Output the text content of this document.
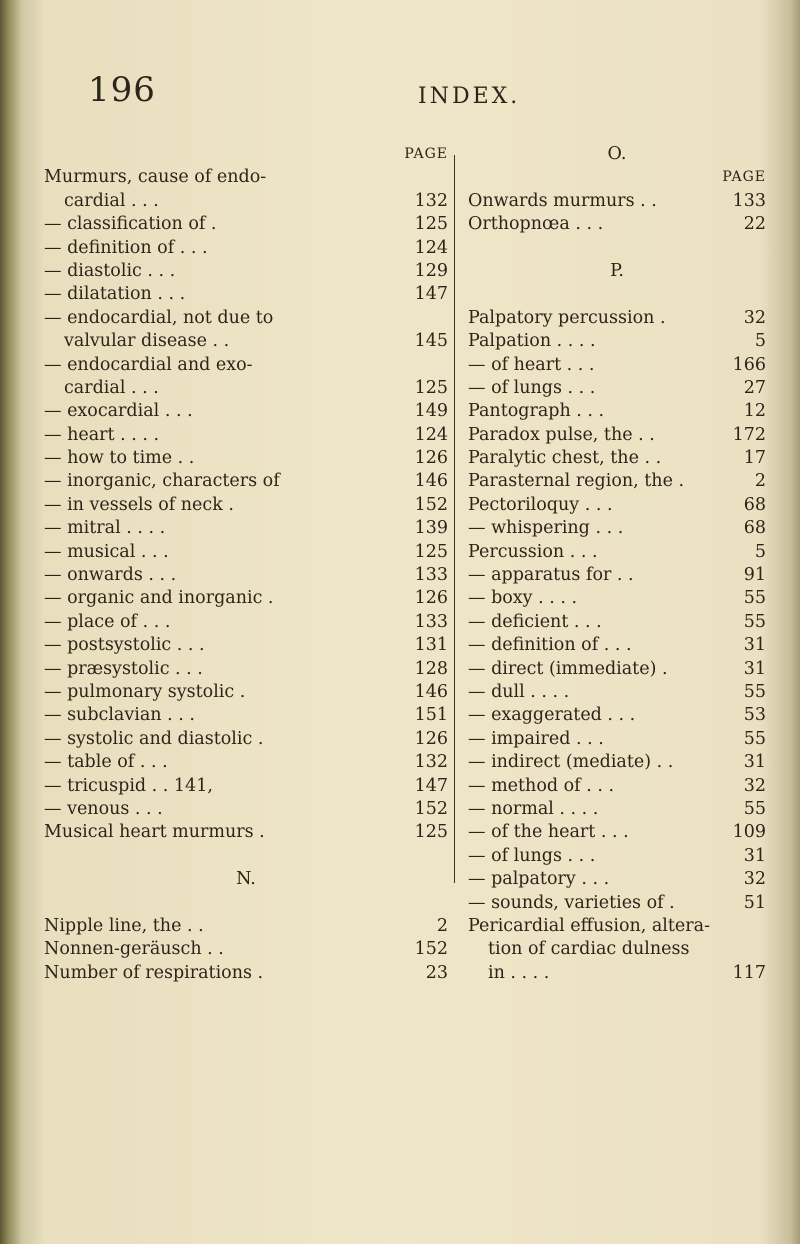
196	INDEX.
PAGE
Murmurs, cause of endo-
cardial . . .	132
— classification of .	125
— definition of . . .	124
— diastolic . . .	129
— dilatation . . .	147
— endocardial, not due to
valvular disease . .	145
— endocardial and exo-
cardial . . .	125
— exocardial . . .	149
— heart . . . .	124
— how to time . .	126
— inorganic, characters of	146
— in vessels of neck .	152
— mitral . . . .	139
— musical . . .	125
— onwards . . .	133
— organic and inorganic .	126
— place of . . .	133
— postsystolic . . .	131
— præsystolic . . .	128
— pulmonary systolic .	146
— subclavian . . .	151
— systolic and diastolic .	126
— table of . . .	132
— tricuspid . . 141,	147
— venous . . .	152
Musical heart murmurs .	125
N.
Nipple line, the . .	2
Nonnen-geräusch . .	152
Number of respirations .	23
O.
PAGE
Onwards murmurs . .	133
Orthopnœa . . .	22
P.
Palpatory percussion .	32
Palpation . . . .	5
— of heart . . .	166
— of lungs . . .	27
Pantograph . . .	12
Paradox pulse, the . .	172
Paralytic chest, the . .	17
Parasternal region, the .	2
Pectoriloquy . . .	68
— whispering . . .	68
Percussion . . .	5
— apparatus for . .	91
— boxy . . . .	55
— deficient . . .	55
— definition of . . .	31
— direct (immediate) .	31
— dull . . . .	55
— exaggerated . . .	53
— impaired . . .	55
— indirect (mediate) . .	31
— method of . . .	32
— normal . . . .	55
— of the heart . . .	109
— of lungs . . .	31
— palpatory . . .	32
— sounds, varieties of .	51
Pericardial effusion, altera-
tion of cardiac dulness
in . . . .	117
